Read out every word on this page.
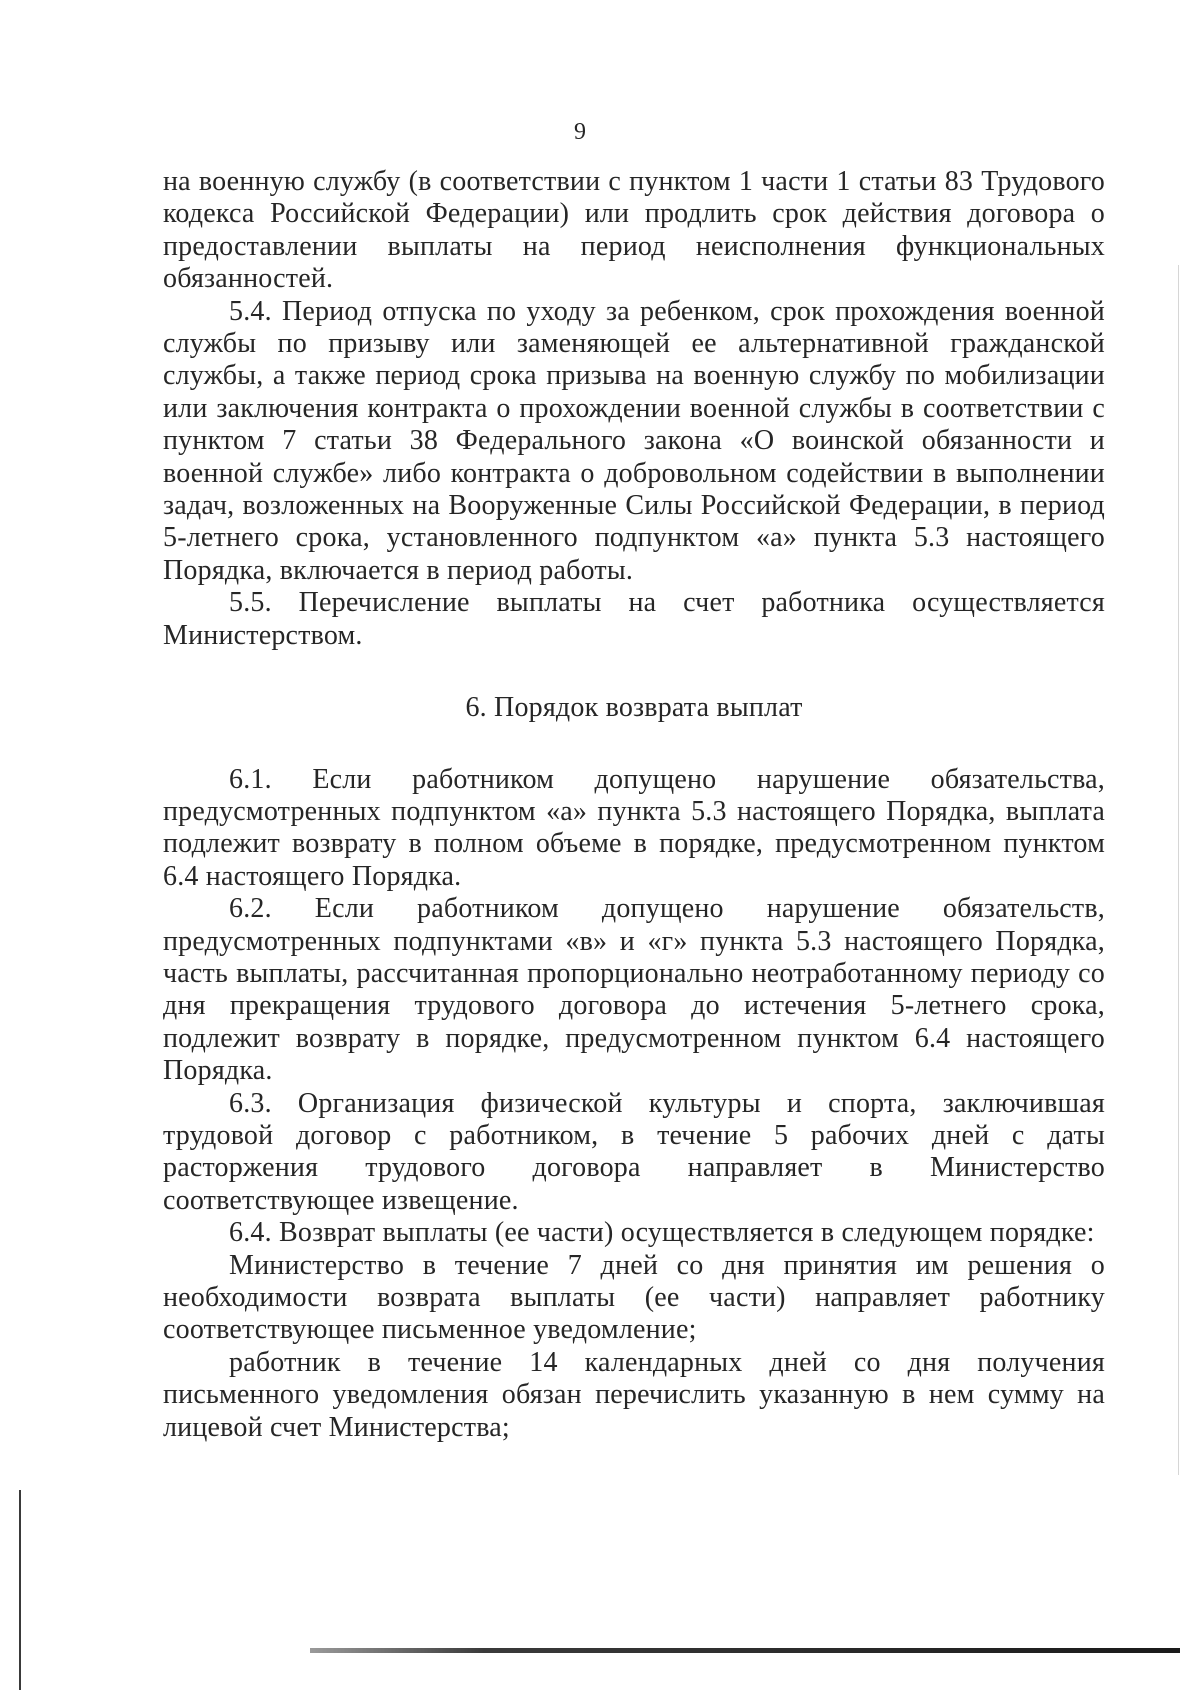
9

на военную службу (в соответствии с пунктом 1 части 1 статьи 83 Трудового кодекса Российской Федерации) или продлить срок действия договора о предоставлении выплаты на период неисполнения функциональных обязанностей.

5.4. Период отпуска по уходу за ребенком, срок прохождения военной службы по призыву или заменяющей ее альтернативной гражданской службы, а также период срока призыва на военную службу по мобилизации или заключения контракта о прохождении военной службы в соответствии с пунктом 7 статьи 38 Федерального закона «О воинской обязанности и военной службе» либо контракта о добровольном содействии в выполнении задач, возложенных на Вооруженные Силы Российской Федерации, в период 5-летнего срока, установленного подпунктом «а» пункта 5.3 настоящего Порядка, включается в период работы.

5.5. Перечисление выплаты на счет работника осуществляется Министерством.

6. Порядок возврата выплат

6.1. Если работником допущено нарушение обязательства, предусмотренных подпунктом «а» пункта 5.3 настоящего Порядка, выплата подлежит возврату в полном объеме в порядке, предусмотренном пунктом 6.4 настоящего Порядка.

6.2. Если работником допущено нарушение обязательств, предусмотренных подпунктами «в» и «г» пункта 5.3 настоящего Порядка, часть выплаты, рассчитанная пропорционально неотработанному периоду со дня прекращения трудового договора до истечения 5-летнего срока, подлежит возврату в порядке, предусмотренном пунктом 6.4 настоящего Порядка.

6.3. Организация физической культуры и спорта, заключившая трудовой договор с работником, в течение 5 рабочих дней с даты расторжения трудового договора направляет в Министерство соответствующее извещение.

6.4. Возврат выплаты (ее части) осуществляется в следующем порядке:

Министерство в течение 7 дней со дня принятия им решения о необходимости возврата выплаты (ее части) направляет работнику соответствующее письменное уведомление;

работник в течение 14 календарных дней со дня получения письменного уведомления обязан перечислить указанную в нем сумму на лицевой счет Министерства;
